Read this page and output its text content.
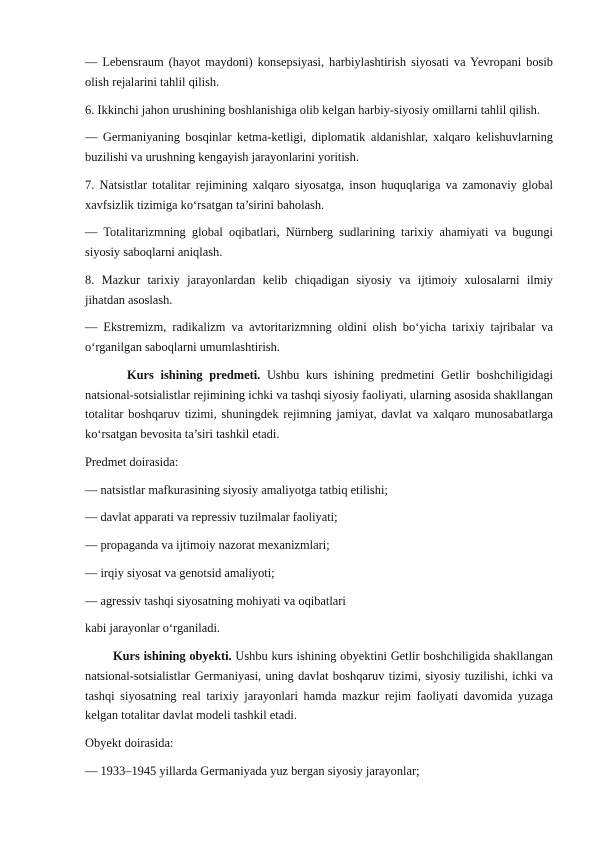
— Lebensraum (hayot maydoni) konsepsiyasi, harbiylashtirish siyosati va Yevropani bosib olish rejalarini tahlil qilish.

6. Ikkinchi jahon urushining boshlanishiga olib kelgan harbiy-siyosiy omillarni tahlil qilish.

— Germaniyaning bosqinlar ketma-ketligi, diplomatik aldanishlar, xalqaro kelishuvlarning buzilishi va urushning kengayish jarayonlarini yoritish.

7. Natsistlar totalitar rejimining xalqaro siyosatga, inson huquqlariga va zamonaviy global xavfsizlik tizimiga ko‘rsatgan ta’sirini baholash.

— Totalitarizmning global oqibatlari, Nürnberg sudlarining tarixiy ahamiyati va bugungi siyosiy saboqlarni aniqlash.

8. Mazkur tarixiy jarayonlardan kelib chiqadigan siyosiy va ijtimoiy xulosalarni ilmiy jihatdan asoslash.

— Ekstremizm, radikalizm va avtoritarizmning oldini olish bo‘yicha tarixiy tajribalar va o‘rganilgan saboqlarni umumlashtirish.

Kurs ishining predmeti. Ushbu kurs ishining predmetini Getlir boshchiligidagi natsional-sotsialistlar rejimining ichki va tashqi siyosiy faoliyati, ularning asosida shakllangan totalitar boshqaruv tizimi, shuningdek rejimning jamiyat, davlat va xalqaro munosabatlarga ko‘rsatgan bevosita ta’siri tashkil etadi.

Predmet doirasida:

— natsistlar mafkurasining siyosiy amaliyotga tatbiq etilishi;

— davlat apparati va repressiv tuzilmalar faoliyati;

— propaganda va ijtimoiy nazorat mexanizmlari;

— irqiy siyosat va genotsid amaliyoti;

— agressiv tashqi siyosatning mohiyati va oqibatlari

kabi jarayonlar o‘rganiladi.

Kurs ishining obyekti. Ushbu kurs ishining obyektini Getlir boshchiligida shakllangan natsional-sotsialistlar Germaniyasi, uning davlat boshqaruv tizimi, siyosiy tuzilishi, ichki va tashqi siyosatning real tarixiy jarayonlari hamda mazkur rejim faoliyati davomida yuzaga kelgan totalitar davlat modeli tashkil etadi.

Obyekt doirasida:

— 1933–1945 yillarda Germaniyada yuz bergan siyosiy jarayonlar;
